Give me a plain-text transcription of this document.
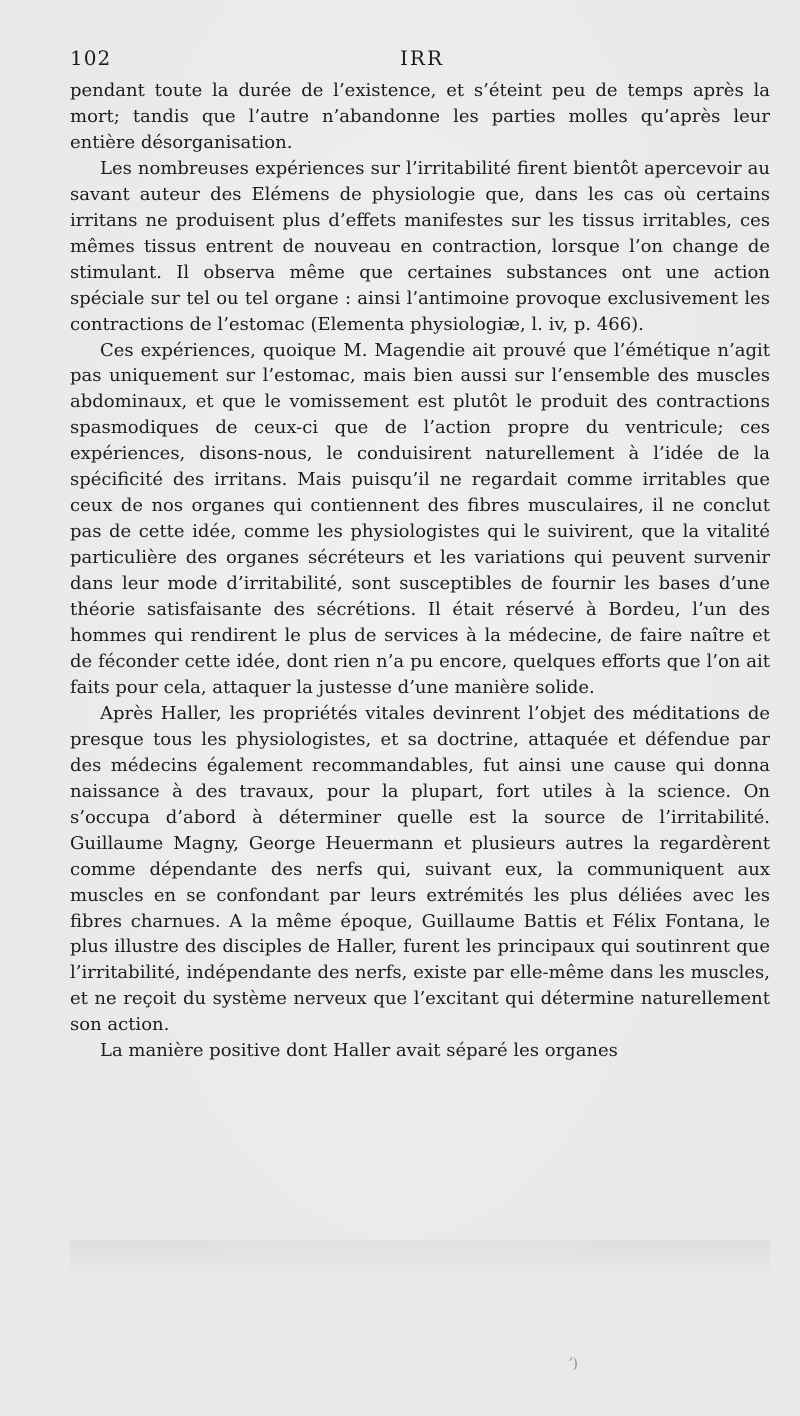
102	IRR

pendant toute la durée de l’existence, et s’éteint peu de temps après la mort; tandis que l’autre n’abandonne les parties molles qu’après leur entière désorganisation.

Les nombreuses expériences sur l’irritabilité firent bientôt apercevoir au savant auteur des Elémens de physiologie que, dans les cas où certains irritans ne produisent plus d’effets manifestes sur les tissus irritables, ces mêmes tissus entrent de nouveau en contraction, lorsque l’on change de stimulant. Il observa même que certaines substances ont une action spéciale sur tel ou tel organe : ainsi l’antimoine provoque exclusivement les contractions de l’estomac (Elementa physiologiæ, l. iv, p. 466).

Ces expériences, quoique M. Magendie ait prouvé que l’émétique n’agit pas uniquement sur l’estomac, mais bien aussi sur l’ensemble des muscles abdominaux, et que le vomissement est plutôt le produit des contractions spasmodiques de ceux-ci que de l’action propre du ventricule; ces expériences, disons-nous, le conduisirent naturellement à l’idée de la spécificité des irritans. Mais puisqu’il ne regardait comme irritables que ceux de nos organes qui contiennent des fibres musculaires, il ne conclut pas de cette idée, comme les physiologistes qui le suivirent, que la vitalité particulière des organes sécréteurs et les variations qui peuvent survenir dans leur mode d’irritabilité, sont susceptibles de fournir les bases d’une théorie satisfaisante des sécrétions. Il était réservé à Bordeu, l’un des hommes qui rendirent le plus de services à la médecine, de faire naître et de féconder cette idée, dont rien n’a pu encore, quelques efforts que l’on ait faits pour cela, attaquer la justesse d’une manière solide.

Après Haller, les propriétés vitales devinrent l’objet des méditations de presque tous les physiologistes, et sa doctrine, attaquée et défendue par des médecins également recommandables, fut ainsi une cause qui donna naissance à des travaux, pour la plupart, fort utiles à la science. On s’occupa d’abord à déterminer quelle est la source de l’irritabilité. Guillaume Magny, George Heuermann et plusieurs autres la regardèrent comme dépendante des nerfs qui, suivant eux, la communiquent aux muscles en se confondant par leurs extrémités les plus déliées avec les fibres charnues. A la même époque, Guillaume Battis et Félix Fontana, le plus illustre des disciples de Haller, furent les principaux qui soutinrent que l’irritabilité, indépendante des nerfs, existe par elle-même dans les muscles, et ne reçoit du système nerveux que l’excitant qui détermine naturellement son action.

La manière positive dont Haller avait séparé les organes

ʼ)
